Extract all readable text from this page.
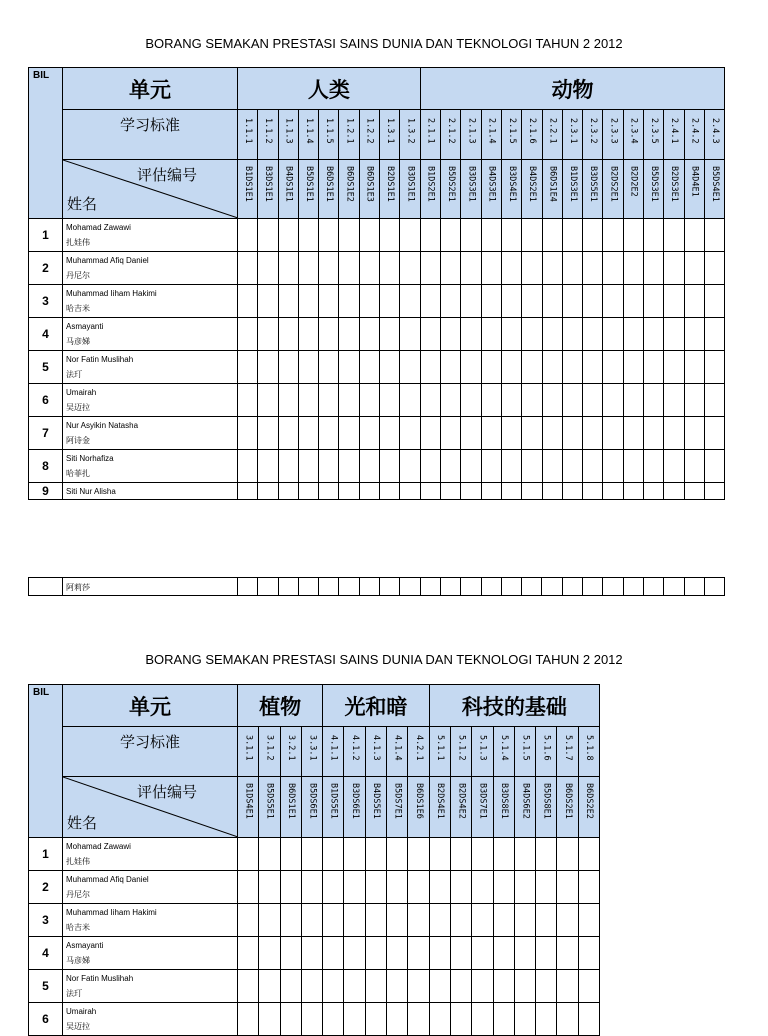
BORANG SEMAKAN PRESTASI SAINS DUNIA DAN TEKNOLOGI TAHUN 2 2012
BIL	单元	人类									动物														
	学习标准	1.1.1	1.1.2	1.1.3	1.1.4	1.1.5	1.2.1	1.2.2	1.3.1	1.3.2	2.1.1	2.1.2	2.1.3	2.1.4	2.1.5	2.1.6	2.2.1	2.3.1	2.3.2	2.3.3	2.3.4	2.3.5	2.4.1	2.4.2	2.4.3

	评估编号
姓名	B1DS1E1	B3DS1E1	B4DS1E1	B5DS1E1	B6DS1E1	B6DS1E2	B6DS1E3	B2DS1E1	B3DS1E1	B1DS2E1	B5DS2E1	B3DS3E1	B4DS3E1	B3DS4E1	B4DS2E1	B6DS1E4	B1DS3E1	B3DS5E1	B2DS2E1	B2D2E2	B5DS3E1	B2DS3E1	B4D4E1	B5DS4E1
1	Mohamad Zawawi
扎娃伟																								

2	Muhammad Afiq Daniel
丹尼尔																								

3	Muhammad Iiham Hakimi
哈吉米																								

4	Asmayanti
马彦娣																								

5	Nor Fatin Muslihah
法玎																								

6	Umairah
吴迈拉																								

7	Nur Asyikin Natasha
阿诗金																								

8	Siti Norhafiza
哈菲扎																								

9	Siti Nur Alisha																								

阿莉莎

BORANG SEMAKAN PRESTASI SAINS DUNIA DAN TEKNOLOGI TAHUN 2 2012
BIL	单元	植物				光和暗					科技的基础							
	学习标准	3.1.1	3.1.2	3.2.1	3.3.1	4.1.1	4.1.2	4.1.3	4.1.4	4.2.1	5.1.1	5.1.2	5.1.3	5.1.4	5.1.5	5.1.6	5.1.7	5.1.8

	评估编号
姓名	B1DS4E1	B5DS5E1	B6DS1E1	B5DS6E1	B1DS5E1	B3DS6E1	B4DS5E1	B5DS7E1	B6DS1E6	B2DS4E1	B2DS4E2	B3DS7E1	B3DS8E1	B4DS6E2	B5DS8E1	B6DS2E1	B6DS2E2
1	Mohamad Zawawi
扎娃伟																	

2	Muhammad Afiq Daniel
丹尼尔																	

3	Muhammad Iiham Hakimi
哈吉米																	

4	Asmayanti
马彦娣																	

5	Nor Fatin Muslihah
法玎																	

6	Umairah
吴迈拉																	
